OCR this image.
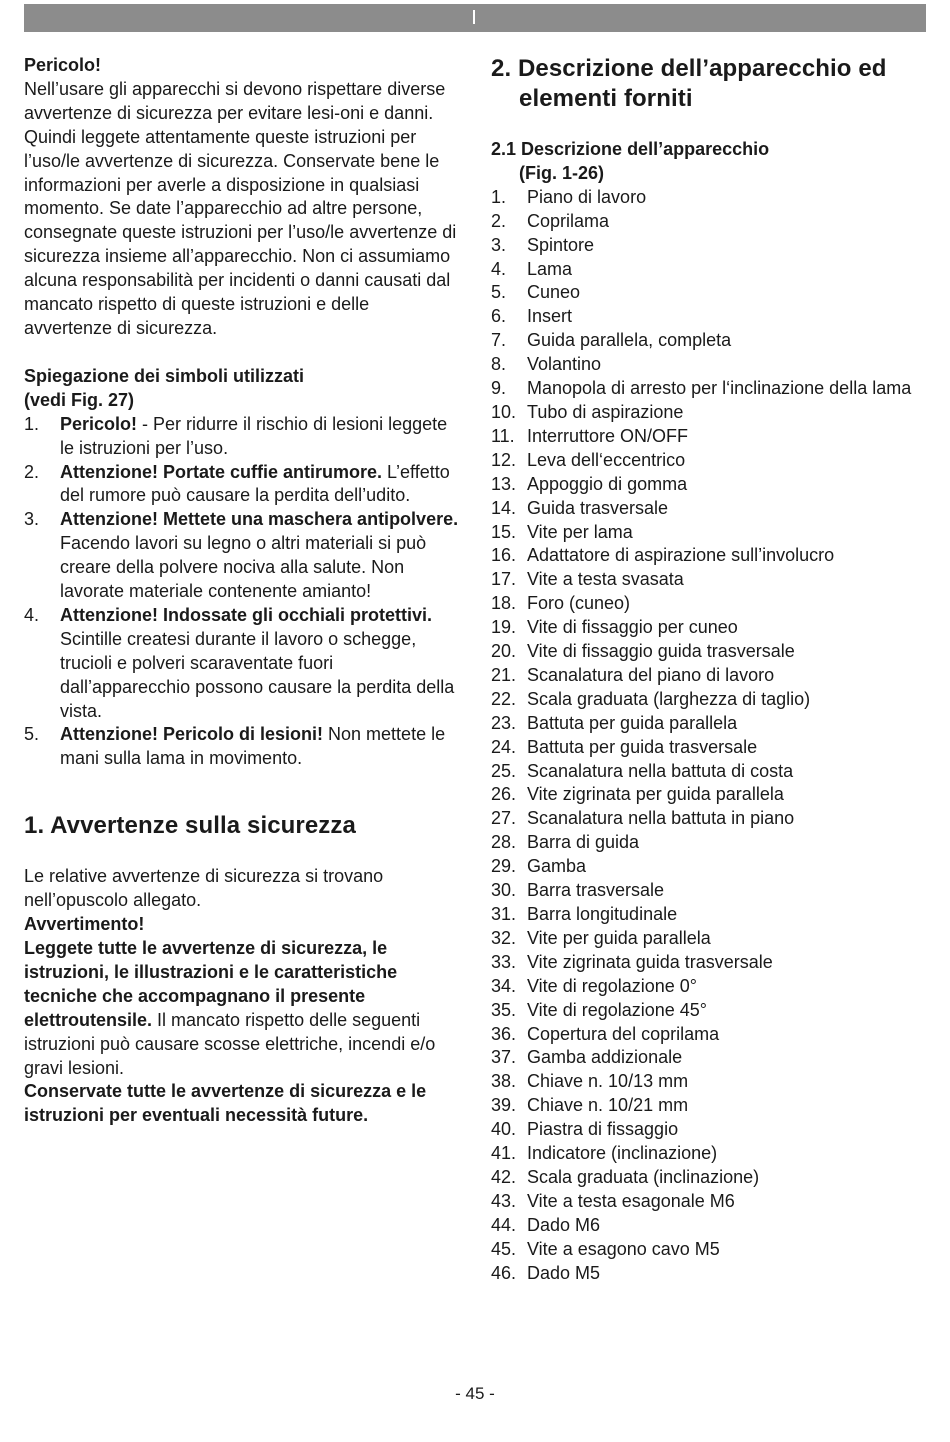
Pericolo!

Nell’usare gli apparecchi si devono rispettare diverse avvertenze di sicurezza per evitare lesi-oni e danni. Quindi leggete attentamente queste istruzioni per l’uso/le avvertenze di sicurezza. Conservate bene le informazioni per averle a disposizione in qualsiasi momento. Se date l’apparecchio ad altre persone, consegnate queste istruzioni per l’uso/le avvertenze di sicurezza insieme all’apparecchio. Non ci assumiamo alcuna responsabilità per incidenti o danni causati dal mancato rispetto di queste istruzioni e delle avvertenze di sicurezza.

Spiegazione dei simboli utilizzati
(vedi Fig. 27)
1. Pericolo! - Per ridurre il rischio di lesioni leggete le istruzioni per l’uso.
2. Attenzione! Portate cuffie antirumore. L’effetto del rumore può causare la perdita dell’udito.
3. Attenzione! Mettete una maschera antipolvere. Facendo lavori su legno o altri materiali si può creare della polvere nociva alla salute. Non lavorate materiale contenente amianto!
4. Attenzione! Indossate gli occhiali protettivi. Scintille createsi durante il lavoro o schegge, trucioli e polveri scaraventate fuori dall’apparecchio possono causare la perdita della vista.
5. Attenzione! Pericolo di lesioni! Non mettete le mani sulla lama in movimento.
1. Avvertenze sulla sicurezza

Le relative avvertenze di sicurezza si trovano nell’opuscolo allegato.

Avvertimento!

Leggete tutte le avvertenze di sicurezza, le istruzioni, le illustrazioni e le caratteristiche tecniche che accompagnano il presente elettroutensile. Il mancato rispetto delle seguenti istruzioni può causare scosse elettriche, incendi e/o gravi lesioni.

Conservate tutte le avvertenze di sicurezza e le istruzioni per eventuali necessità future.

2. Descrizione dell’apparecchio ed
elementi forniti
2.1 Descrizione dell’apparecchio
(Fig. 1-26)
1. Piano di lavoro
2. Coprilama
3. Spintore
4. Lama
5. Cuneo
6. Insert
7. Guida parallela, completa
8. Volantino
9. Manopola di arresto per l‘inclinazione della lama
10. Tubo di aspirazione
11. Interruttore ON/OFF
12. Leva dell‘eccentrico
13. Appoggio di gomma
14. Guida trasversale
15. Vite per lama
16. Adattatore di aspirazione sull’involucro
17. Vite a testa svasata
18. Foro (cuneo)
19. Vite di fissaggio per cuneo
20. Vite di fissaggio guida trasversale
21. Scanalatura del piano di lavoro
22. Scala graduata (larghezza di taglio)
23. Battuta per guida parallela
24. Battuta per guida trasversale
25. Scanalatura nella battuta di costa
26. Vite zigrinata per guida parallela
27. Scanalatura nella battuta in piano
28. Barra di guida
29. Gamba
30. Barra trasversale
31. Barra longitudinale
32. Vite per guida parallela
33. Vite zigrinata guida trasversale
34. Vite di regolazione 0°
35. Vite di regolazione 45°
36. Copertura del coprilama
37. Gamba addizionale
38. Chiave n. 10/13 mm
39. Chiave n. 10/21 mm
40. Piastra di fissaggio
41. Indicatore (inclinazione)
42. Scala graduata (inclinazione)
43. Vite a testa esagonale M6
44. Dado M6
45. Vite a esagono cavo M5
46. Dado M5
- 45 -
